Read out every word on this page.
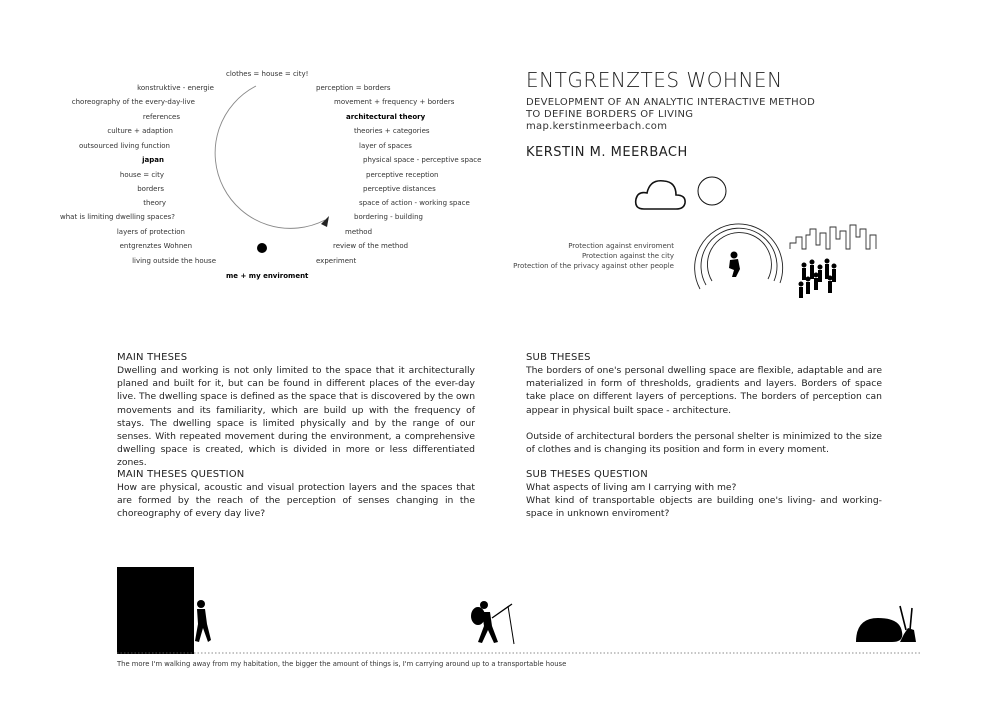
clothes = house = city!
me + my enviroment
konstruktive - energie
choreography of the every-day-live
references
culture + adaption
outsourced living function
japan
house = city
borders
theory
what is limiting dwelling spaces?
layers of protection
entgrenztes Wohnen
living outside the house
perception = borders
movement + frequency + borders
architectural theory
theories + categories
layer of spaces
physical space - perceptive space
perceptive reception
perceptive distances
space of action - working space
bordering - building
method
review of the method
experiment
ENTGRENZTES WOHNEN
DEVELOPMENT OF AN ANALYTIC INTERACTIVE METHOD
TO DEFINE BORDERS OF LIVING
map.kerstinmeerbach.com
KERSTIN M. MEERBACH
Protection against enviroment
Protection against the city
Protection of the privacy against other people
MAIN THESES
Dwelling and working is not only limited to the space that it architecturally planed and built for it, but can be found in different places of the ever-day live. The dwelling space is defined as the space that is discovered by the own movements and its familiarity, which are build up with the frequency of stays. The dwelling space is limited physically and by the range of our senses. With repeated movement during the environment, a comprehensive dwelling space is created, which is divided in more or less differentiated zones.
MAIN THESES QUESTION
How are physical, acoustic and visual protection layers and the spaces that are formed by the reach of the perception of senses changing in the choreography of every day live?
SUB THESES
The borders of one's personal dwelling space are flexible, adaptable and are materialized in form of thresholds, gradients and layers. Borders of space take place on different layers of perceptions. The borders of perception can appear in physical built space - architecture.
Outside of architectural borders the personal shelter is minimized to the size of clothes and is changing its position and form in every moment.
SUB THESES QUESTION
What aspects of living am I carrying with me?
What kind of transportable objects are building one's living- and working-space in unknown enviroment?
The more I'm walking away from my habitation, the bigger the amount of things is, I'm carrying around up to a transportable house
